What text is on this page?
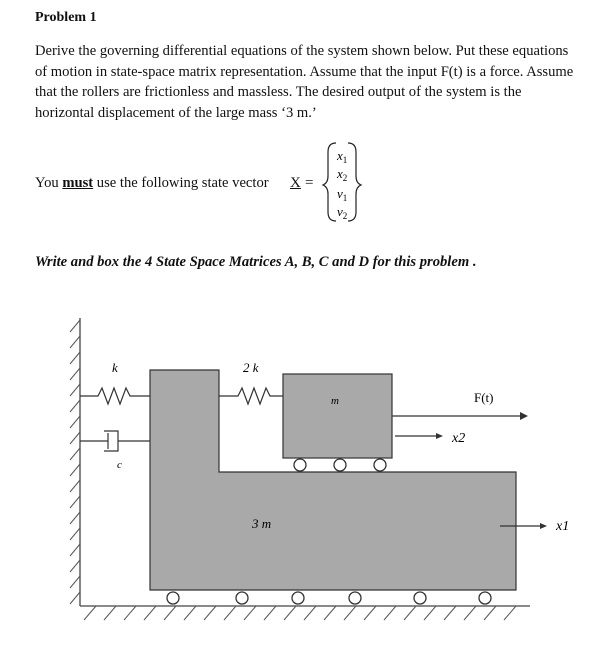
Problem 1
Derive the governing differential equations of the system shown below. Put these equations of motion in state-space matrix representation. Assume that the input F(t) is a force. Assume that the rollers are frictionless and massless. The desired output of the system is the horizontal displacement of the large mass ‘3 m.’
You must use the following state vector X =
$x_1$
$x_2$
$v_1$
$v_2$
Write and box the 4 State Space Matrices A, B, C and D for this problem .
k
c
2 k
m
3 m
F(t)
x2
x1
